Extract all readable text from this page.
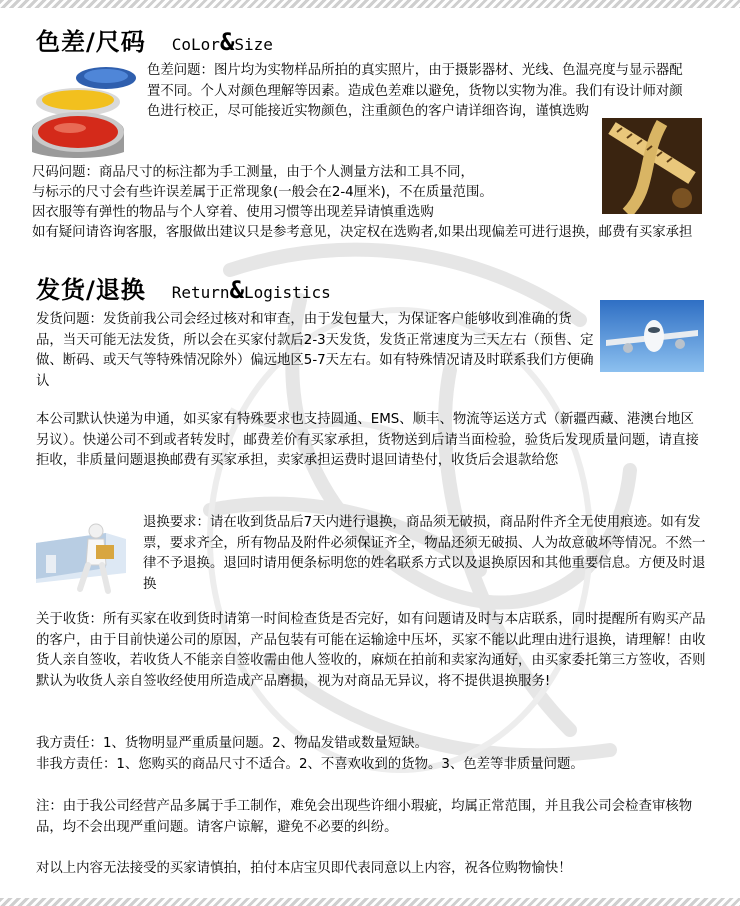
色差/尺码 CoLor&Size
色差问题：图片均为实物样品所拍的真实照片，由于摄影器材、光线、色温亮度与显示器配置不同。个人对颜色理解等因素。造成色差难以避免，货物以实物为准。我们有设计师对颜色进行校正，尽可能接近实物颜色，注重颜色的客户请详细咨询，谨慎选购
尺码问题：商品尺寸的标注都为手工测量，由于个人测量方法和工具不同，
与标示的尺寸会有些许误差属于正常现象(一般会在2-4厘米)，不在质量范围。
因衣服等有弹性的物品与个人穿着、使用习惯等出现差异请慎重选购
如有疑问请咨询客服，客服做出建议只是参考意见，决定权在选购者,如果出现偏差可进行退换，邮费有买家承担
发货/退换 Return&Logistics
发货问题：发货前我公司会经过核对和审查，由于发包量大，为保证客户能够收到准确的货品，当天可能无法发货，所以会在买家付款后2-3天发货，发货正常速度为三天左右（预售、定做、断码、或天气等特殊情况除外）偏远地区5-7天左右。如有特殊情况请及时联系我们方便确认
本公司默认快递为申通，如买家有特殊要求也支持圆通、EMS、顺丰、物流等运送方式（新疆西藏、港澳台地区另议）。快递公司不到或者转发时，邮费差价有买家承担，货物送到后请当面检验，验货后发现质量问题，请直接拒收，非质量问题退换邮费有买家承担，卖家承担运费时退回请垫付，收货后会退款给您
退换要求：请在收到货品后7天内进行退换，商品须无破损，商品附件齐全无使用痕迹。如有发票，要求齐全，所有物品及附件必须保证齐全，物品还须无破损、人为故意破坏等情况。不然一律不予退换。退回时请用便条标明您的姓名联系方式以及退换原因和其他重要信息。方便及时退换
关于收货：所有买家在收到货时请第一时间检查货是否完好，如有问题请及时与本店联系，同时提醒所有购买产品的客户，由于目前快递公司的原因，产品包装有可能在运输途中压坏，买家不能以此理由进行退换，请理解！由收货人亲自签收，若收货人不能亲自签收需由他人签收的，麻烦在拍前和卖家沟通好，由买家委托第三方签收，否则默认为收货人亲自签收经使用所造成产品磨损，视为对商品无异议，将不提供退换服务!
我方责任：1、货物明显严重质量问题。2、物品发错或数量短缺。
非我方责任：1、您购买的商品尺寸不适合。2、不喜欢收到的货物。3、色差等非质量问题。
注：由于我公司经营产品多属于手工制作，难免会出现些许细小瑕疵，均属正常范围，并且我公司会检查审核物品，均不会出现严重问题。请客户谅解，避免不必要的纠纷。
对以上内容无法接受的买家请慎拍，拍付本店宝贝即代表同意以上内容，祝各位购物愉快！
